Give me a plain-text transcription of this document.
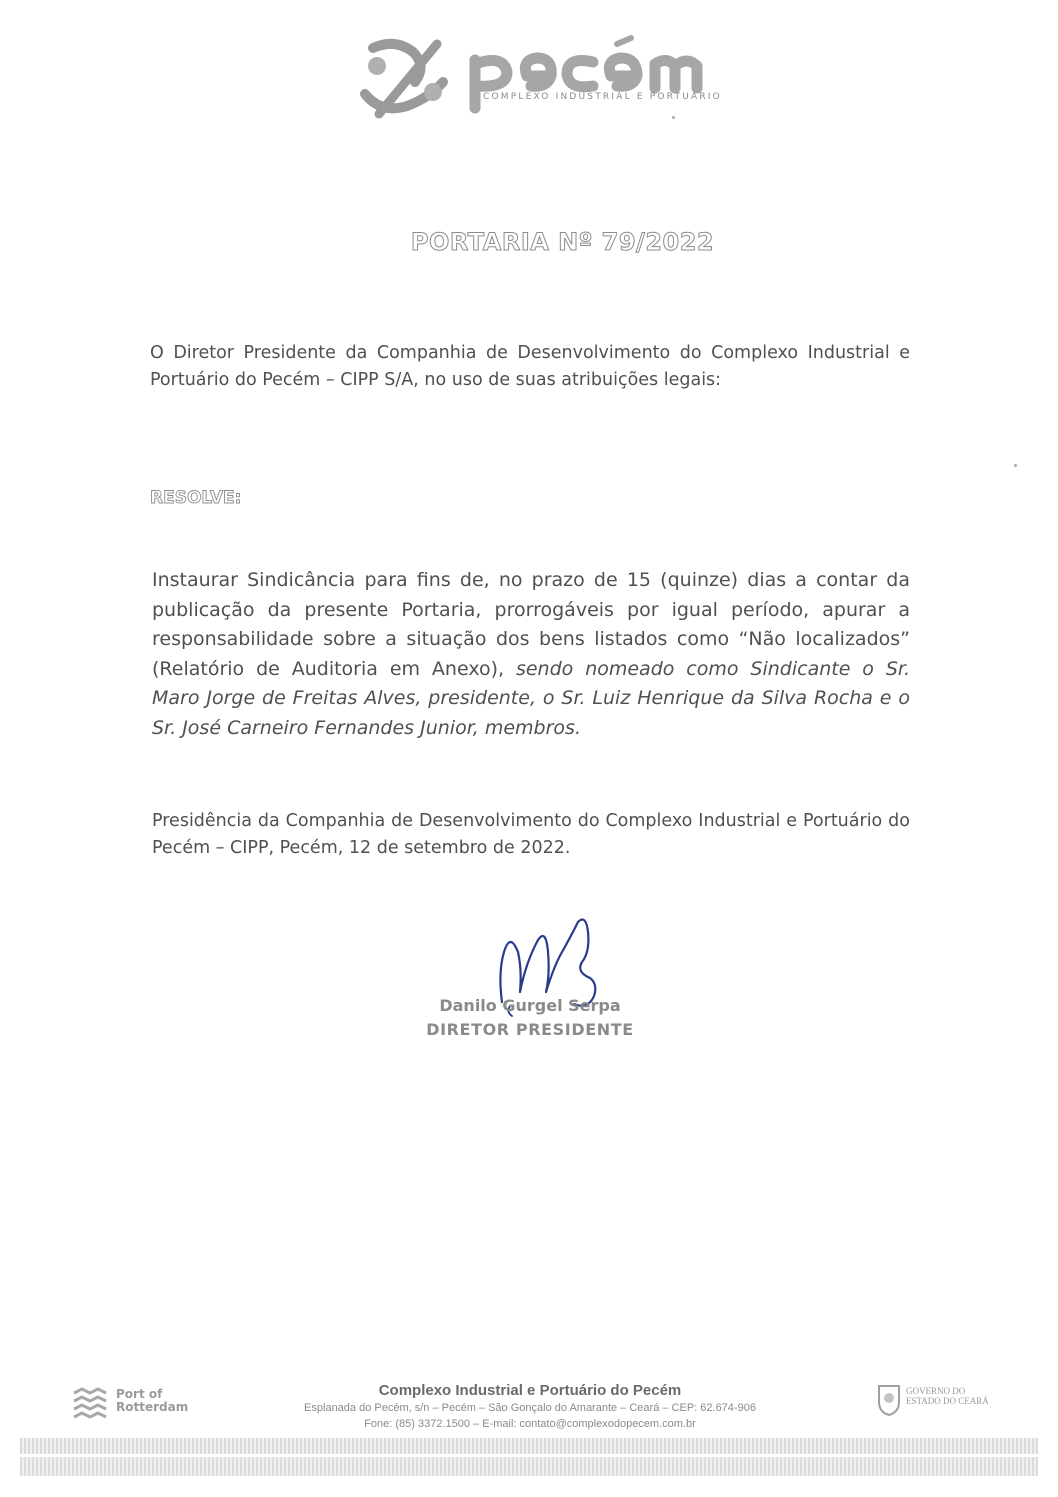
COMPLEXO INDUSTRIAL E PORTUÁRIO
PORTARIA Nº 79/2022
O Diretor Presidente da Companhia de Desenvolvimento do Complexo Industrial e
Portuário do Pecém – CIPP S/A, no uso de suas atribuições legais:
RESOLVE:
Instaurar Sindicância para fins de, no prazo de 15 (quinze) dias a contar da
publicação da presente Portaria, prorrogáveis por igual período, apurar a
responsabilidade sobre a situação dos bens listados como “Não localizados”
(Relatório de Auditoria em Anexo), sendo nomeado como Sindicante o Sr.
Maro Jorge de Freitas Alves, presidente, o Sr. Luiz Henrique da Silva Rocha e o
Sr. José Carneiro Fernandes Junior, membros.
Presidência da Companhia de Desenvolvimento do Complexo Industrial e Portuário do
Pecém – CIPP, Pecém, 12 de setembro de 2022.
Danilo Gurgel Serpa
DIRETOR PRESIDENTE
Port of
Rotterdam
Complexo Industrial e Portuário do Pecém
Esplanada do Pecém, s/n – Pecém – São Gonçalo do Amarante – Ceará – CEP: 62.674-906
Fone: (85) 3372.1500 – E-mail: contato@complexodopecem.com.br
GOVERNO DO
ESTADO DO CEARÁ
